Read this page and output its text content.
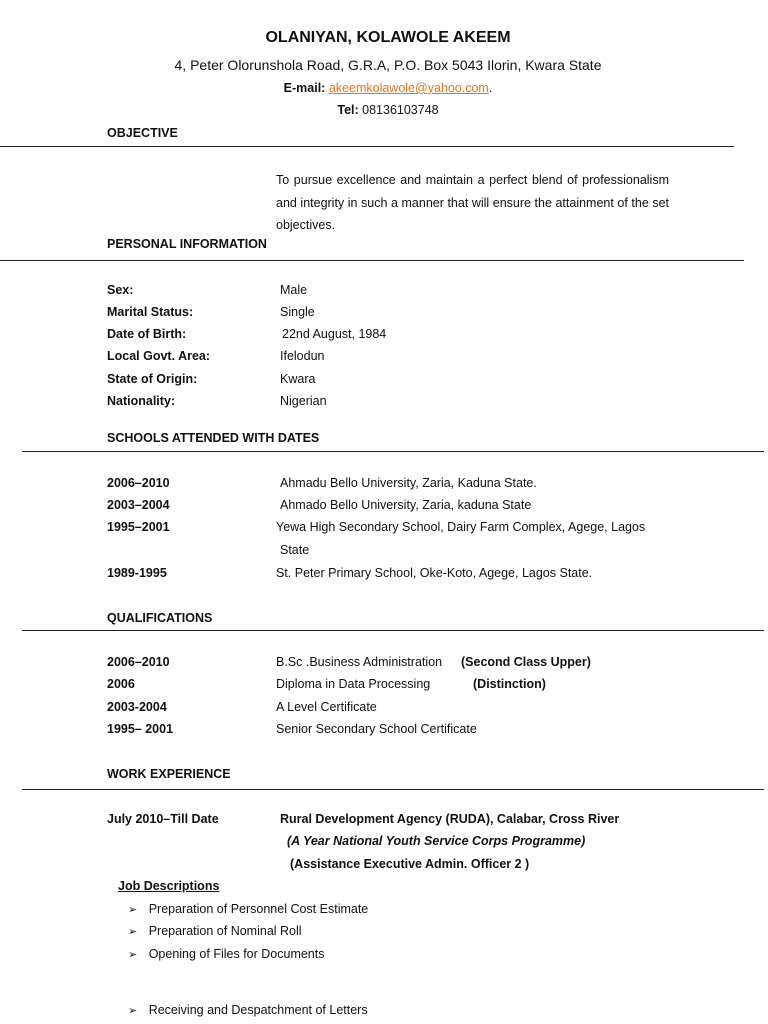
OLANIYAN, KOLAWOLE AKEEM
4, Peter Olorunshola Road, G.R.A, P.O. Box 5043 Ilorin, Kwara State
E-mail: akeemkolawole@yahoo.com.
Tel: 08136103748
OBJECTIVE
To pursue excellence and maintain a perfect blend of professionalism and integrity in such a manner that will ensure the attainment of the set objectives.
PERSONAL INFORMATION
Sex:	Male
Marital Status:	Single
Date of Birth:	22nd August, 1984
Local Govt. Area:	Ifelodun
State of Origin:	Kwara
Nationality:	Nigerian
SCHOOLS ATTENDED WITH DATES
2006–2010	Ahmadu Bello University, Zaria, Kaduna State.
2003–2004	Ahmado Bello University, Zaria, kaduna State
1995–2001	Yewa High Secondary School, Dairy Farm Complex, Agege, Lagos
State
1989-1995	St. Peter Primary School, Oke-Koto, Agege, Lagos State.
QUALIFICATIONS
2006–2010	B.Sc .Business Administration (Second Class Upper)
2006	Diploma in Data Processing	(Distinction)
2003-2004	A Level Certificate
1995– 2001	Senior Secondary School Certificate
WORK EXPERIENCE
July 2010–Till Date	Rural Development Agency (RUDA), Calabar, Cross River
(A Year National Youth Service Corps Programme)
(Assistance Executive Admin. Officer 2 )
Job Descriptions
➢ Preparation of Personnel Cost Estimate
➢ Preparation of Nominal Roll
➢ Opening of Files for Documents
➢ Receiving and Despatchment of Letters
